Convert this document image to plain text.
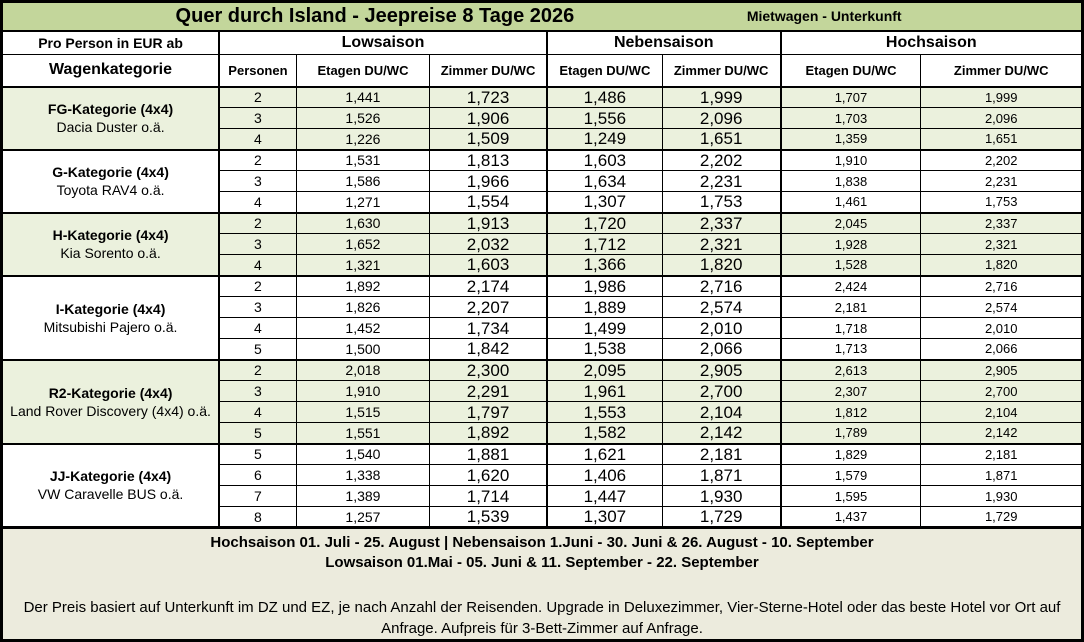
Quer durch Island - Jeepreise 8 Tage 2026 Mietwagen - Unterkunft							

Pro Person in EUR ab	Lowsaison			Nebensaison		Hochsaison	
Wagenkategorie	Personen	Etagen DU/WC	Zimmer DU/WC	Etagen DU/WC	Zimmer DU/WC	Etagen DU/WC	Zimmer DU/WC

FG-Kategorie (4x4)
Dacia Duster o.ä.	2	1,441	1,723	1,486	1,999	1,707	1,999
	3	1,526	1,906	1,556	2,096	1,703	2,096
	4	1,226	1,509	1,249	1,651	1,359	1,651

G-Kategorie (4x4)
Toyota RAV4 o.ä.	2	1,531	1,813	1,603	2,202	1,910	2,202
	3	1,586	1,966	1,634	2,231	1,838	2,231
	4	1,271	1,554	1,307	1,753	1,461	1,753

H-Kategorie (4x4)
Kia Sorento o.ä.	2	1,630	1,913	1,720	2,337	2,045	2,337
	3	1,652	2,032	1,712	2,321	1,928	2,321
	4	1,321	1,603	1,366	1,820	1,528	1,820

I-Kategorie (4x4)
Mitsubishi Pajero o.ä.	2	1,892	2,174	1,986	2,716	2,424	2,716
	3	1,826	2,207	1,889	2,574	2,181	2,574
	4	1,452	1,734	1,499	2,010	1,718	2,010
	5	1,500	1,842	1,538	2,066	1,713	2,066

R2-Kategorie (4x4)
Land Rover Discovery (4x4) o.ä.	2	2,018	2,300	2,095	2,905	2,613	2,905
	3	1,910	2,291	1,961	2,700	2,307	2,700
	4	1,515	1,797	1,553	2,104	1,812	2,104
	5	1,551	1,892	1,582	2,142	1,789	2,142

JJ-Kategorie (4x4)
VW Caravelle BUS o.ä.	5	1,540	1,881	1,621	2,181	1,829	2,181
	6	1,338	1,620	1,406	1,871	1,579	1,871
	7	1,389	1,714	1,447	1,930	1,595	1,930
	8	1,257	1,539	1,307	1,729	1,437	1,729

Hochsaison 01. Juli - 25. August | Nebensaison 1.Juni - 30. Juni & 26. August - 10. September
Lowsaison 01.Mai - 05. Juni & 11. September - 22. September
Der Preis basiert auf Unterkunft im DZ und EZ, je nach Anzahl der Reisenden. Upgrade in Deluxezimmer, Vier-Sterne-Hotel oder das beste Hotel vor Ort auf Anfrage. Aufpreis für 3-Bett-Zimmer auf Anfrage.							
